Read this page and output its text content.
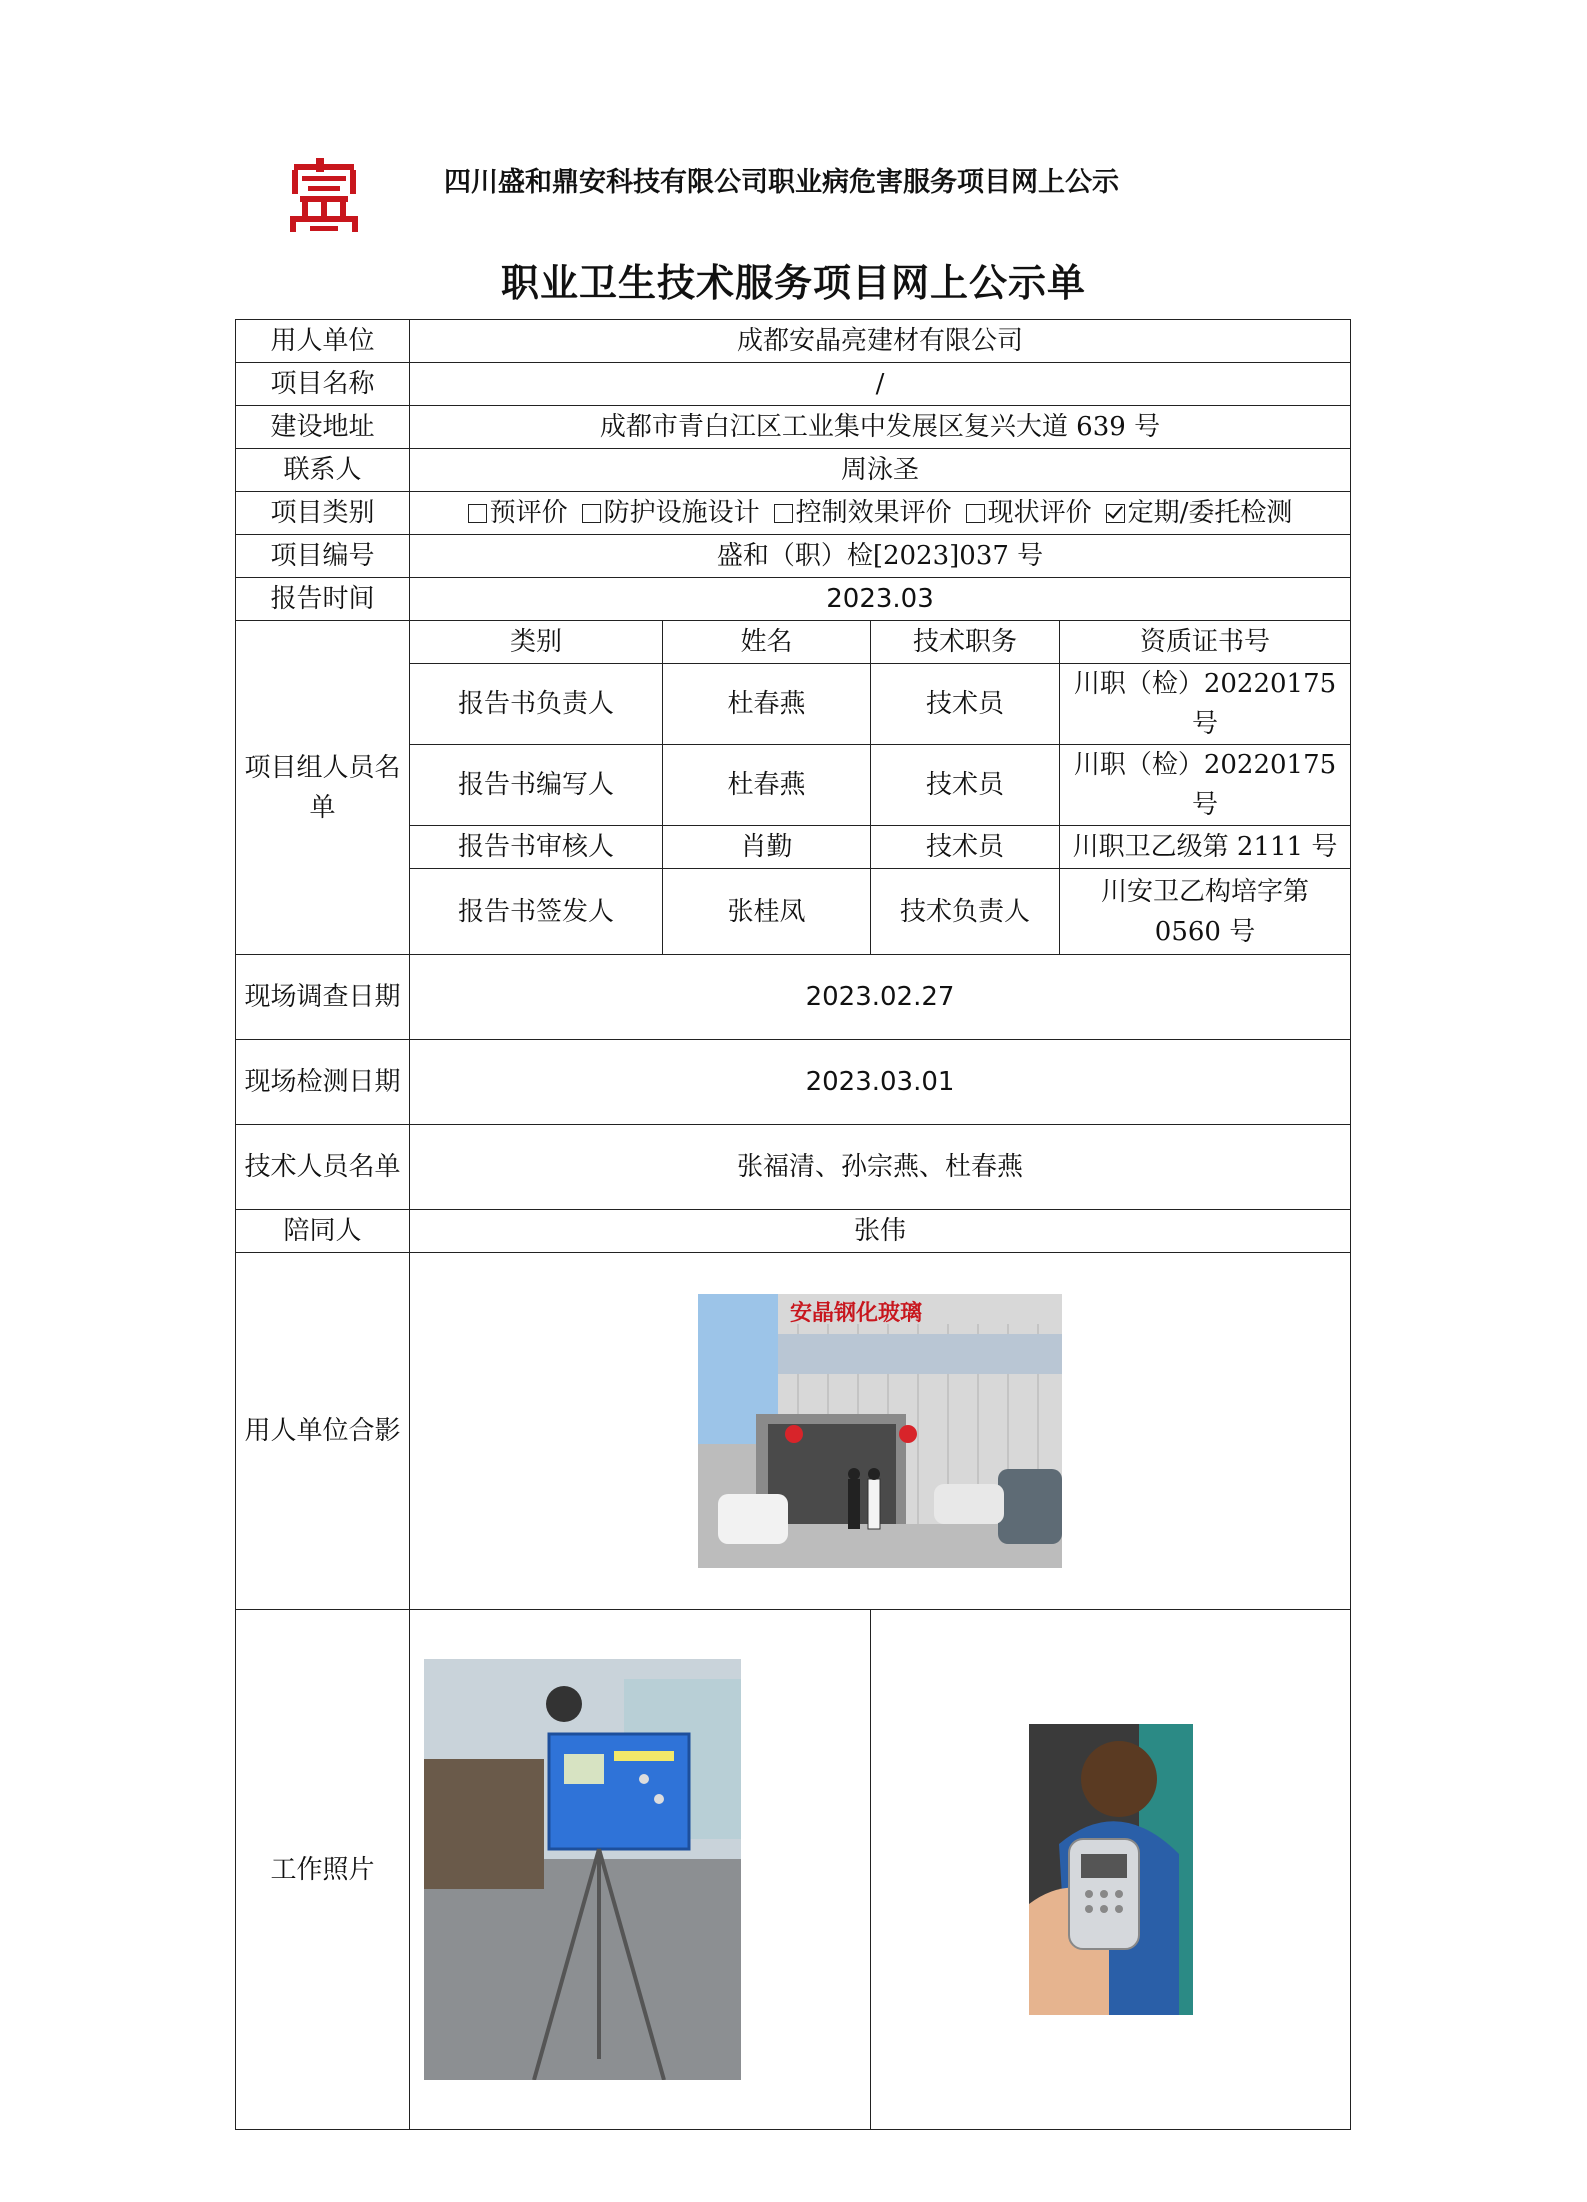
四川盛和鼎安科技有限公司职业病危害服务项目网上公示
职业卫生技术服务项目网上公示单
用人单位	成都安晶亮建材有限公司			
项目名称	/			
建设地址	成都市青白江区工业集中发展区复兴大道 639 号			
联系人	周泳圣			
项目类别	预评价 防护设施设计 控制效果评价 现状评价 定期/委托检测			
项目编号	盛和（职）检[2023]037 号			
报告时间	2023.03			
项目组人员名单	类别	姓名	技术职务	资质证书号
	报告书负责人	杜春燕	技术员	川职（检）20220175 号
	报告书编写人	杜春燕	技术员	川职（检）20220175 号
	报告书审核人	肖勤	技术员	川职卫乙级第 2111 号
	报告书签发人	张桂凤	技术负责人	川安卫乙构培字第 0560 号
现场调查日期	2023.02.27			
现场检测日期	2023.03.01			
技术人员名单	张福清、孙宗燕、杜春燕			
陪同人	张伟			
用人单位合影	安晶钢化玻璃			

工作照片	
